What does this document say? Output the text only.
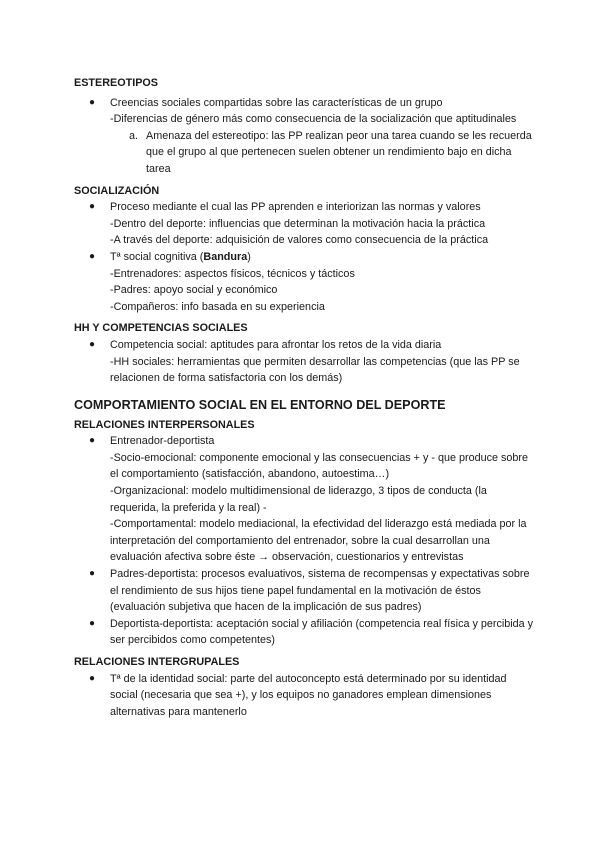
ESTEREOTIPOS

● Creencias sociales compartidas sobre las características de un grupo

-Diferencias de género más como consecuencia de la socialización que aptitudinales

a. Amenaza del estereotipo: las PP realizan peor una tarea cuando se les recuerda que el grupo al que pertenecen suelen obtener un rendimiento bajo en dicha tarea

SOCIALIZACIÓN

● Proceso mediante el cual las PP aprenden e interiorizan las normas y valores

-Dentro del deporte: influencias que determinan la motivación hacia la práctica

-A través del deporte: adquisición de valores como consecuencia de la práctica

● Tª social cognitiva (Bandura)

-Entrenadores: aspectos físicos, técnicos y tácticos

-Padres: apoyo social y económico

-Compañeros: info basada en su experiencia

HH Y COMPETENCIAS SOCIALES

● Competencia social: aptitudes para afrontar los retos de la vida diaria

-HH sociales: herramientas que permiten desarrollar las competencias (que las PP se relacionen de forma satisfactoria con los demás)

COMPORTAMIENTO SOCIAL EN EL ENTORNO DEL DEPORTE

RELACIONES INTERPERSONALES

● Entrenador-deportista

-Socio-emocional: componente emocional y las consecuencias + y - que produce sobre el comportamiento (satisfacción, abandono, autoestima…)

-Organizacional: modelo multidimensional de liderazgo, 3 tipos de conducta (la requerida, la preferida y la real) -

-Comportamental: modelo mediacional, la efectividad del liderazgo está mediada por la interpretación del comportamiento del entrenador, sobre la cual desarrollan una evaluación afectiva sobre éste → observación, cuestionarios y entrevistas

● Padres-deportista: procesos evaluativos, sistema de recompensas y expectativas sobre el rendimiento de sus hijos tiene papel fundamental en la motivación de éstos (evaluación subjetiva que hacen de la implicación de sus padres)

● Deportista-deportista: aceptación social y afiliación (competencia real física y percibida y ser percibidos como competentes)

RELACIONES INTERGRUPALES

● Tª de la identidad social: parte del autoconcepto está determinado por su identidad social (necesaria que sea +), y los equipos no ganadores emplean dimensiones alternativas para mantenerlo
